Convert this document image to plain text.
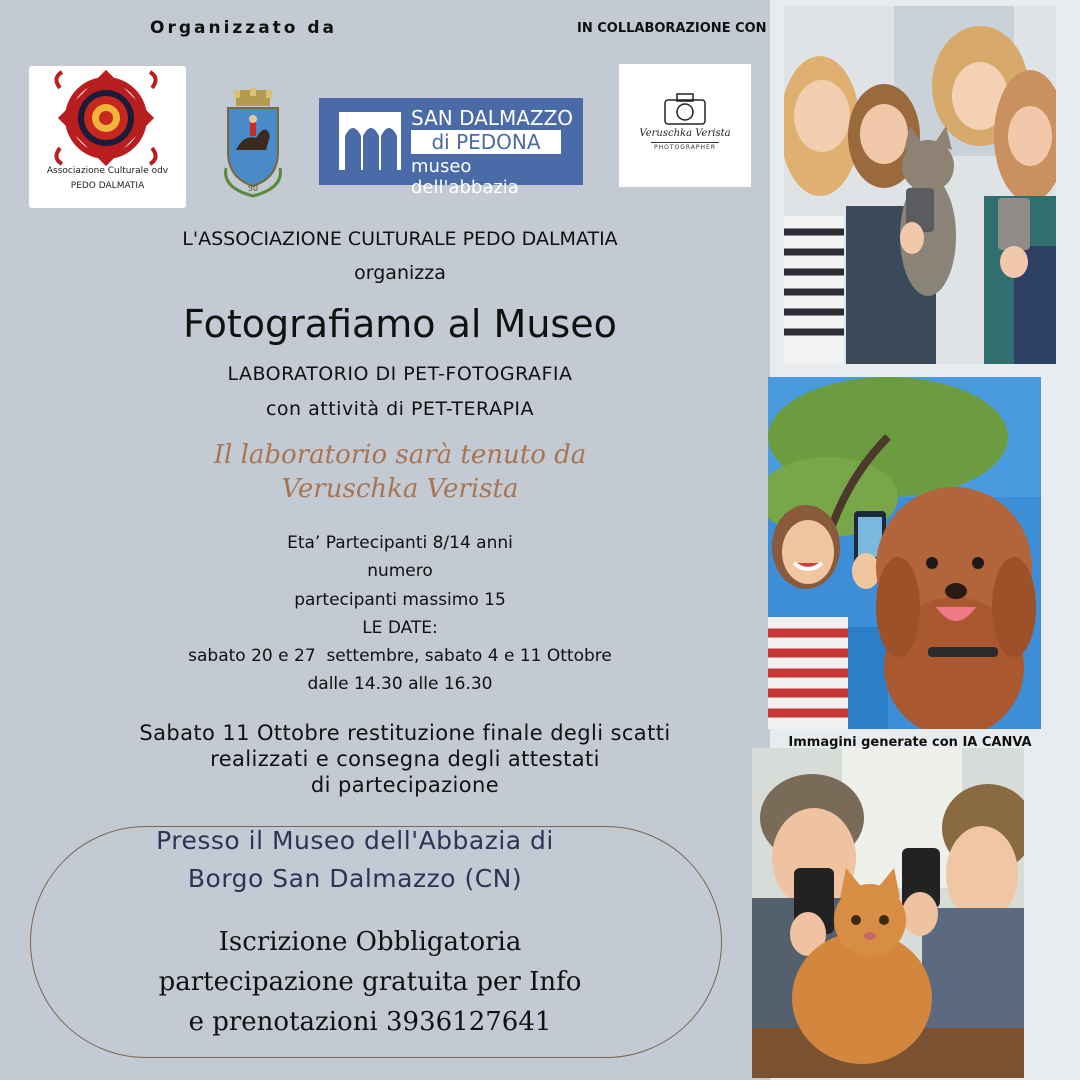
Organizzato da	IN COLLABORAZIONE CON
Associazione Culturale odv
PEDO DALMATIA	50
SAN DALMAZZO
di PEDONA
museo dell'abbazia
Veruschka Verista
PHOTOGRAPHER
L'ASSOCIAZIONE CULTURALE PEDO DALMATIA
organizza
Fotografiamo al Museo
LABORATORIO DI PET-FOTOGRAFIA
con attività di PET-TERAPIA
Il laboratorio sarà tenuto da
Veruschka Verista
Eta’ Partecipanti 8/14 anni
numero
partecipanti massimo 15
LE DATE:
sabato 20 e 27  settembre, sabato 4 e 11 Ottobre
dalle 14.30 alle 16.30
Sabato 11 Ottobre restituzione finale degli scatti
realizzati e consegna degli attestati
di partecipazione
Presso il Museo dell'Abbazia di
Borgo San Dalmazzo (CN)
Iscrizione Obbligatoria
partecipazione gratuita per Info
e prenotazioni 3936127641
Immagini generate con IA CANVA
